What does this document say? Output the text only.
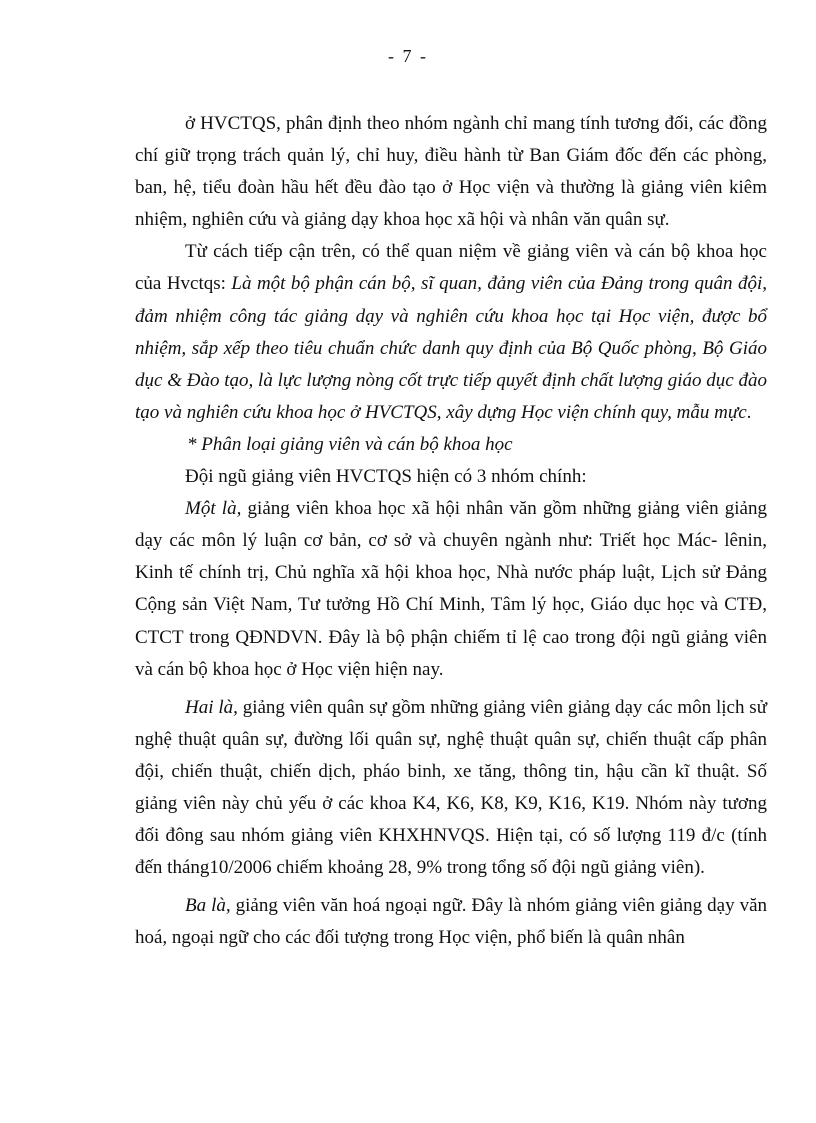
- 7 -

ở HVCTQS, phân định theo nhóm ngành chỉ mang tính tương đối, các đồng chí giữ trọng trách quản lý, chỉ huy, điều hành từ Ban Giám đốc đến các phòng, ban, hệ, tiểu đoàn hầu hết đều đào tạo ở Học viện và thường là giảng viên kiêm nhiệm, nghiên cứu và giảng dạy khoa học xã hội và nhân văn quân sự.

Từ cách tiếp cận trên, có thể quan niệm về giảng viên và cán bộ khoa học của Hvctqs: Là một bộ phận cán bộ, sĩ quan, đảng viên của Đảng trong quân đội, đảm nhiệm công tác giảng dạy và nghiên cứu khoa học tại Học viện, được bổ nhiệm, sắp xếp theo tiêu chuẩn chức danh quy định của Bộ Quốc phòng, Bộ Giáo dục & Đào tạo, là lực lượng nòng cốt trực tiếp quyết định chất lượng giáo dục đào tạo và nghiên cứu khoa học ở HVCTQS, xây dựng Học viện chính quy, mẫu mực.

* Phân loại giảng viên và cán bộ khoa học

Đội ngũ giảng viên HVCTQS hiện có 3 nhóm chính:

Một là, giảng viên khoa học xã hội nhân văn gồm những giảng viên giảng dạy các môn lý luận cơ bản, cơ sở và chuyên ngành như: Triết học Mác- lênin, Kinh tế chính trị, Chủ nghĩa xã hội khoa học, Nhà nước pháp luật, Lịch sử Đảng Cộng sản Việt Nam, Tư tưởng Hồ Chí Minh, Tâm lý học, Giáo dục học và CTĐ, CTCT trong QĐNDVN. Đây là bộ phận chiếm tỉ lệ cao trong đội ngũ giảng viên và cán bộ khoa học ở Học viện hiện nay.

Hai là, giảng viên quân sự gồm những giảng viên giảng dạy các môn lịch sử nghệ thuật quân sự, đường lối quân sự, nghệ thuật quân sự, chiến thuật cấp phân đội, chiến thuật, chiến dịch, pháo binh, xe tăng, thông tin, hậu cần kĩ thuật. Số giảng viên này chủ yếu ở các khoa K4, K6, K8, K9, K16, K19. Nhóm này tương đối đông sau nhóm giảng viên KHXHNVQS. Hiện tại, có số lượng 119 đ/c (tính đến tháng10/2006 chiếm khoảng 28, 9% trong tổng số đội ngũ giảng viên).

Ba là, giảng viên văn hoá ngoại ngữ. Đây là nhóm giảng viên giảng dạy văn hoá, ngoại ngữ cho các đối tượng trong Học viện, phổ biến là quân nhân
